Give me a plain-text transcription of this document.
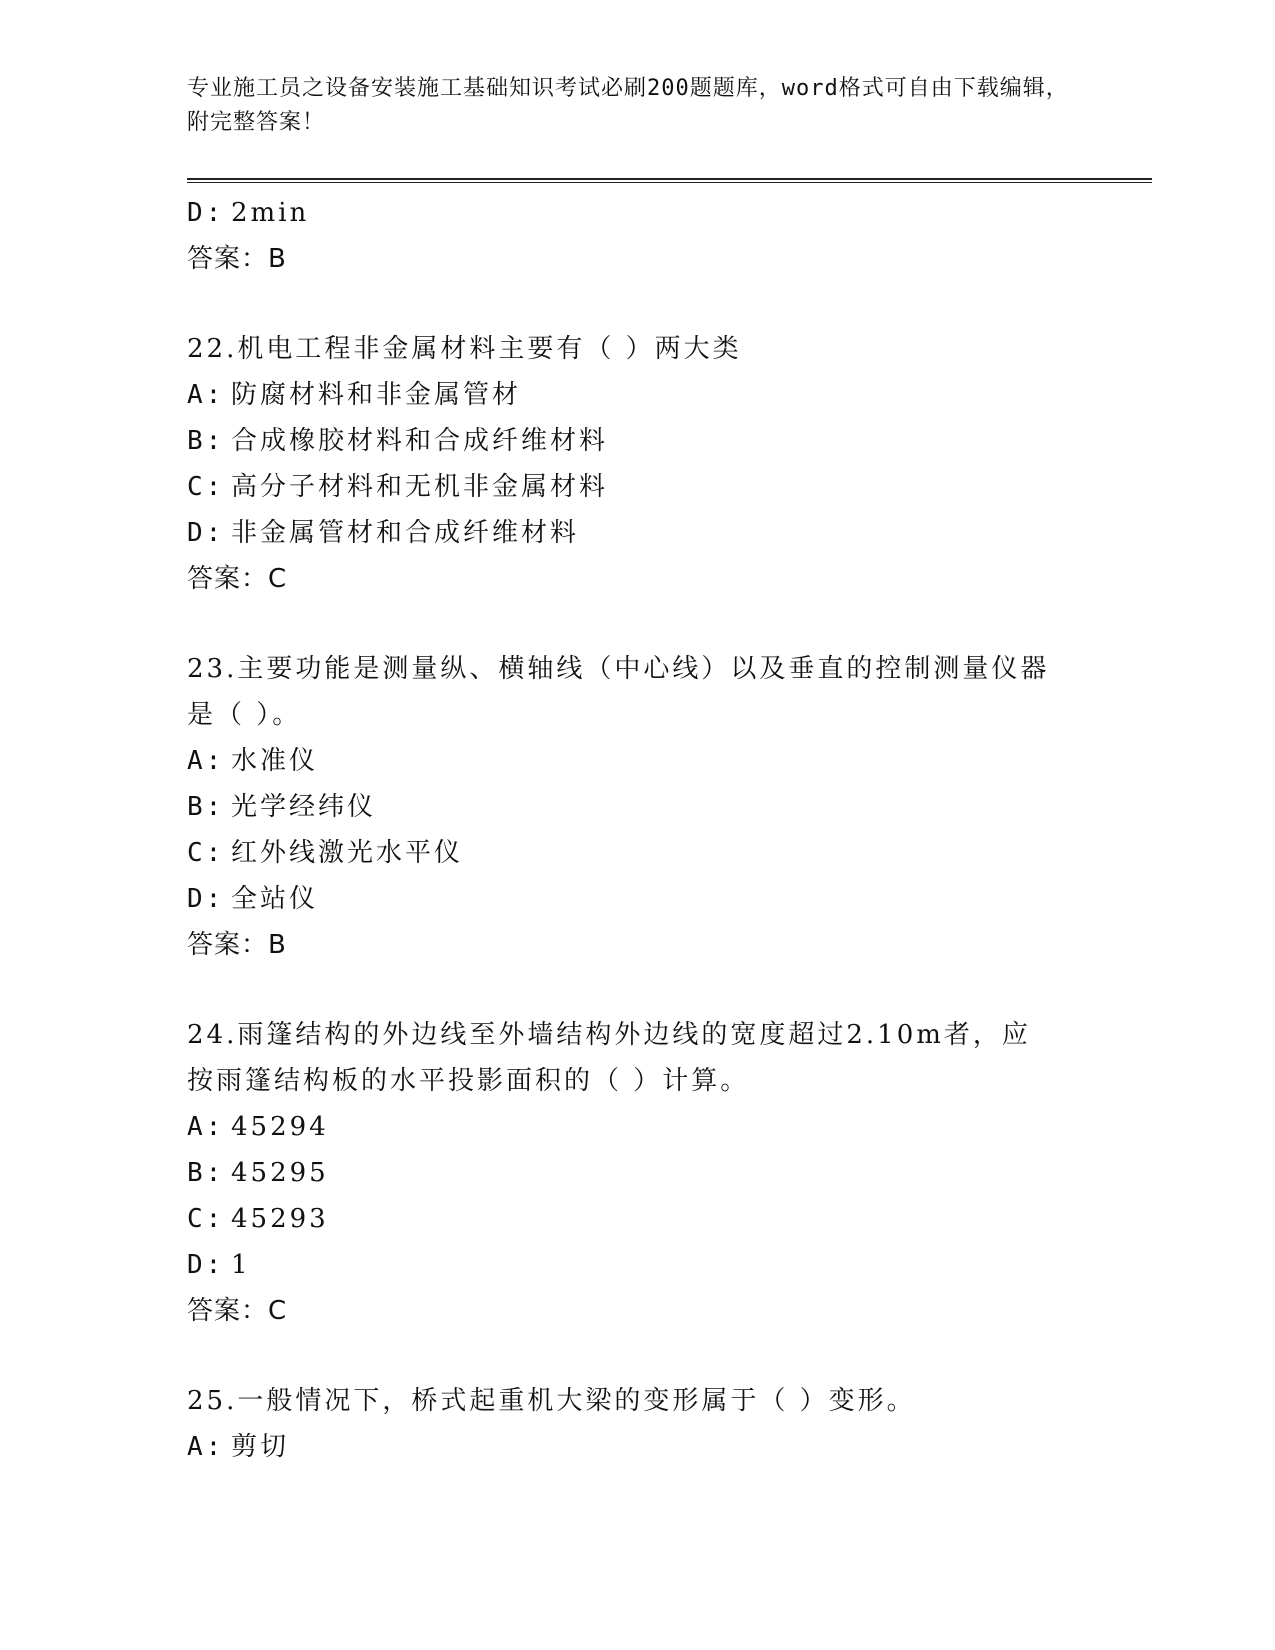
专业施工员之设备安装施工基础知识考试必刷200题题库，word格式可自由下载编辑，附完整答案！
D: 2min
答案：B
22.机电工程非金属材料主要有（ ）两大类
A: 防腐材料和非金属管材
B: 合成橡胶材料和合成纤维材料
C: 高分子材料和无机非金属材料
D: 非金属管材和合成纤维材料
答案：C
23.主要功能是测量纵、横轴线（中心线）以及垂直的控制测量仪器是（ ）。
A: 水准仪
B: 光学经纬仪
C: 红外线激光水平仪
D: 全站仪
答案：B
24.雨篷结构的外边线至外墙结构外边线的宽度超过2.10m者，应按雨篷结构板的水平投影面积的（ ）计算。
A: 45294
B: 45295
C: 45293
D: 1
答案：C
25.一般情况下，桥式起重机大梁的变形属于（ ）变形。
A: 剪切
